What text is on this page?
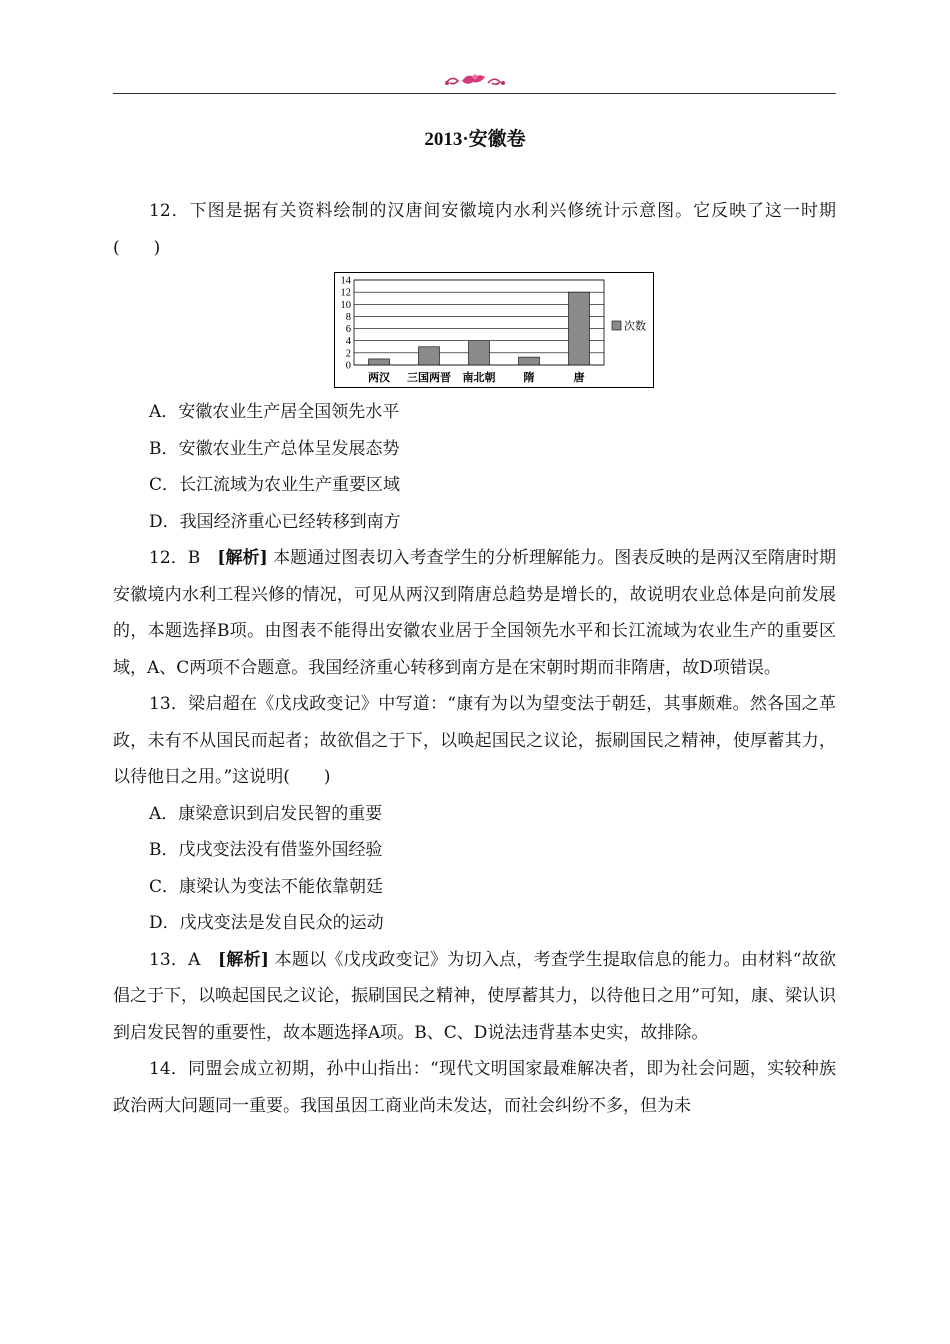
2013·安徽卷

12．下图是据有关资料绘制的汉唐间安徽境内水利兴修统计示意图。它反映了这一时期(　　)

0
2
4
6
8
10
12
14
两汉 三国两晋 南北朝	隋	唐
次数

A．安徽农业生产居全国领先水平

B．安徽农业生产总体呈发展态势

C．长江流域为农业生产重要区域

D．我国经济重心已经转移到南方

12．B　[解析] 本题通过图表切入考查学生的分析理解能力。图表反映的是两汉至隋唐时期安徽境内水利工程兴修的情况，可见从两汉到隋唐总趋势是增长的，故说明农业总体是向前发展的，本题选择B项。由图表不能得出安徽农业居于全国领先水平和长江流域为农业生产的重要区域，A、C两项不合题意。我国经济重心转移到南方是在宋朝时期而非隋唐，故D项错误。

13．梁启超在《戊戌政变记》中写道：“康有为以为望变法于朝廷，其事颇难。然各国之革政，未有不从国民而起者；故欲倡之于下，以唤起国民之议论，振刷国民之精神，使厚蓄其力，以待他日之用。”这说明(　　)

A．康梁意识到启发民智的重要

B．戊戌变法没有借鉴外国经验

C．康梁认为变法不能依靠朝廷

D．戊戌变法是发自民众的运动

13．A　[解析] 本题以《戊戌政变记》为切入点，考查学生提取信息的能力。由材料“故欲倡之于下，以唤起国民之议论，振刷国民之精神，使厚蓄其力，以待他日之用”可知，康、梁认识到启发民智的重要性，故本题选择A项。B、C、D说法违背基本史实，故排除。

14．同盟会成立初期，孙中山指出：“现代文明国家最难解决者，即为社会问题，实较种族政治两大问题同一重要。我国虽因工商业尚未发达，而社会纠纷不多，但为未
